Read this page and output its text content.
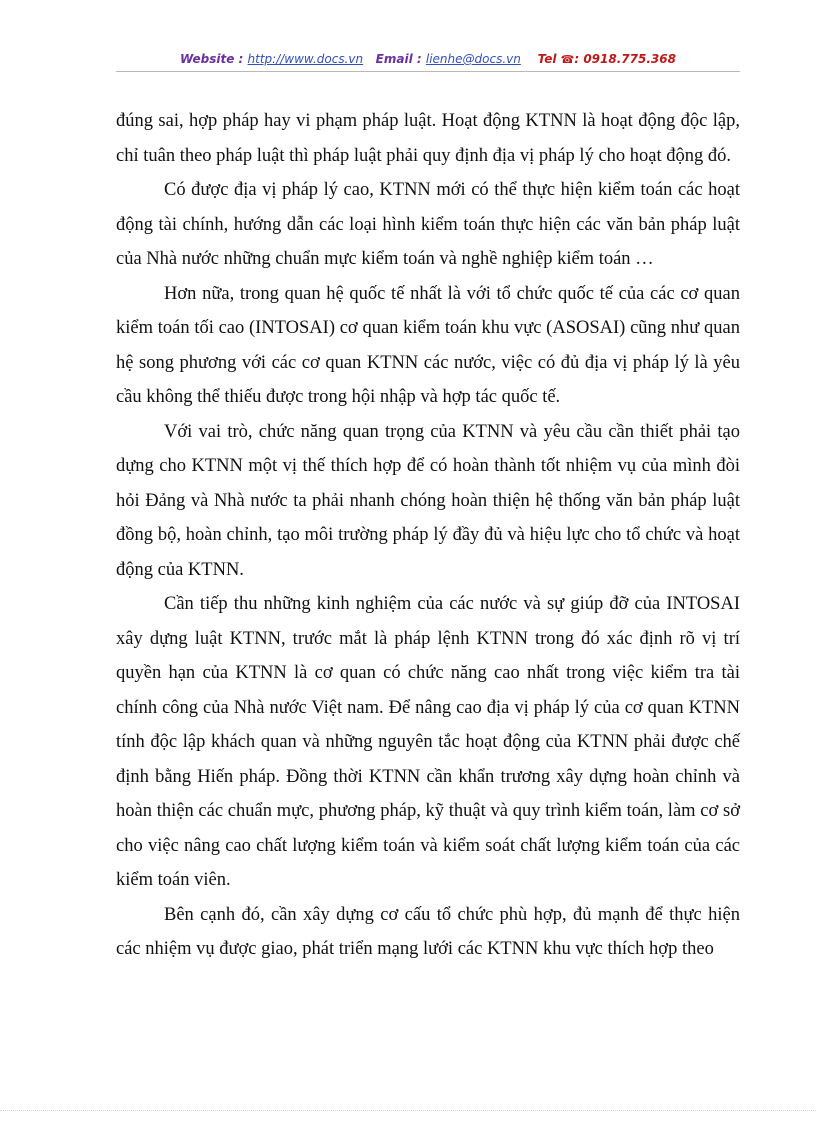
Website : http://www.docs.vn Email : lienhe@docs.vn Tel ☎: 0918.775.368

đúng sai, hợp pháp hay vi phạm pháp luật. Hoạt động KTNN là hoạt động độc lập, chỉ tuân theo pháp luật thì pháp luật phải quy định địa vị pháp lý cho hoạt động đó.

Có được địa vị pháp lý cao, KTNN mới có thể thực hiện kiểm toán các hoạt động tài chính, hướng dẫn các loại hình kiểm toán thực hiện các văn bản pháp luật của Nhà nước những chuẩn mực kiểm toán và nghề nghiệp kiểm toán …

Hơn nữa, trong quan hệ quốc tế nhất là với tổ chức quốc tế của các cơ quan kiểm toán tối cao (INTOSAI) cơ quan kiểm toán khu vực (ASOSAI) cũng như quan hệ song phương với các cơ quan KTNN các nước, việc có đủ địa vị pháp lý là yêu cầu không thể thiếu được trong hội nhập và hợp tác quốc tế.

Với vai trò, chức năng quan trọng của KTNN và yêu cầu cần thiết phải tạo dựng cho KTNN một vị thế thích hợp để có hoàn thành tốt nhiệm vụ của mình đòi hỏi Đảng và Nhà nước ta phải nhanh chóng hoàn thiện hệ thống văn bản pháp luật đồng bộ, hoàn chỉnh, tạo môi trường pháp lý đầy đủ và hiệu lực cho tổ chức và hoạt động của KTNN.

Cần tiếp thu những kinh nghiệm của các nước và sự giúp đỡ của INTOSAI xây dựng luật KTNN, trước mắt là pháp lệnh KTNN trong đó xác định rõ vị trí quyền hạn của KTNN là cơ quan có chức năng cao nhất trong việc kiểm tra tài chính công của Nhà nước Việt nam. Để nâng cao địa vị pháp lý của cơ quan KTNN tính độc lập khách quan và những nguyên tắc hoạt động của KTNN phải được chế định bằng Hiến pháp. Đồng thời KTNN cần khẩn trương xây dựng hoàn chỉnh và hoàn thiện các chuẩn mực, phương pháp, kỹ thuật và quy trình kiểm toán, làm cơ sở cho việc nâng cao chất lượng kiểm toán và kiểm soát chất lượng kiểm toán của các kiểm toán viên.

Bên cạnh đó, cần xây dựng cơ cấu tổ chức phù hợp, đủ mạnh để thực hiện các nhiệm vụ được giao, phát triển mạng lưới các KTNN khu vực thích hợp theo
